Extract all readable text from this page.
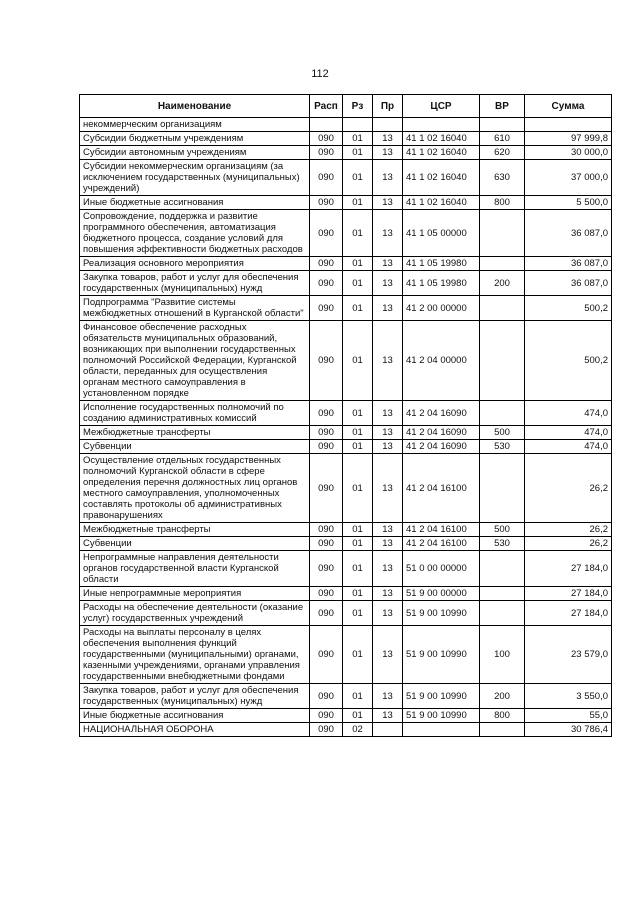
112
Наименование	Расп	Рз	Пр	ЦСР	ВР	Сумма
некоммерческим организациям						
Субсидии бюджетным учреждениям	090	01	13	41 1 02 16040	610	97 999,8
Субсидии автономным учреждениям	090	01	13	41 1 02 16040	620	30 000,0
Субсидии некоммерческим организациям (за исключением государственных (муниципальных) учреждений)	090	01	13	41 1 02 16040	630	37 000,0
Иные бюджетные ассигнования	090	01	13	41 1 02 16040	800	5 500,0
Сопровождение, поддержка и развитие программного обеспечения, автоматизация бюджетного процесса, создание условий для повышения эффективности бюджетных расходов	090	01	13	41 1 05 00000		36 087,0
Реализация основного мероприятия	090	01	13	41 1 05 19980		36 087,0
Закупка товаров, работ и услуг для обеспечения государственных (муниципальных) нужд	090	01	13	41 1 05 19980	200	36 087,0
Подпрограмма "Развитие системы межбюджетных отношений в Курганской области"	090	01	13	41 2 00 00000		500,2
Финансовое обеспечение расходных обязательств муниципальных образований, возникающих при выполнении государственных полномочий Российской Федерации, Курганской области, переданных для осуществления органам местного самоуправления в установленном порядке	090	01	13	41 2 04 00000		500,2
Исполнение государственных полномочий по созданию административных комиссий	090	01	13	41 2 04 16090		474,0
Межбюджетные трансферты	090	01	13	41 2 04 16090	500	474,0
Субвенции	090	01	13	41 2 04 16090	530	474,0
Осуществление отдельных государственных полномочий Курганской области в сфере определения перечня должностных лиц органов местного самоуправления, уполномоченных составлять протоколы об административных правонарушениях	090	01	13	41 2 04 16100		26,2
Межбюджетные трансферты	090	01	13	41 2 04 16100	500	26,2
Субвенции	090	01	13	41 2 04 16100	530	26,2
Непрограммные направления деятельности органов государственной власти Курганской области	090	01	13	51 0 00 00000		27 184,0
Иные непрограммные мероприятия	090	01	13	51 9 00 00000		27 184,0
Расходы на обеспечение деятельности (оказание услуг) государственных учреждений	090	01	13	51 9 00 10990		27 184,0
Расходы на выплаты персоналу в целях обеспечения выполнения функций государственными (муниципальными) органами, казенными учреждениями, органами управления государственными внебюджетными фондами	090	01	13	51 9 00 10990	100	23 579,0
Закупка товаров, работ и услуг для обеспечения государственных (муниципальных) нужд	090	01	13	51 9 00 10990	200	3 550,0
Иные бюджетные ассигнования	090	01	13	51 9 00 10990	800	55,0
НАЦИОНАЛЬНАЯ ОБОРОНА	090	02				30 786,4
